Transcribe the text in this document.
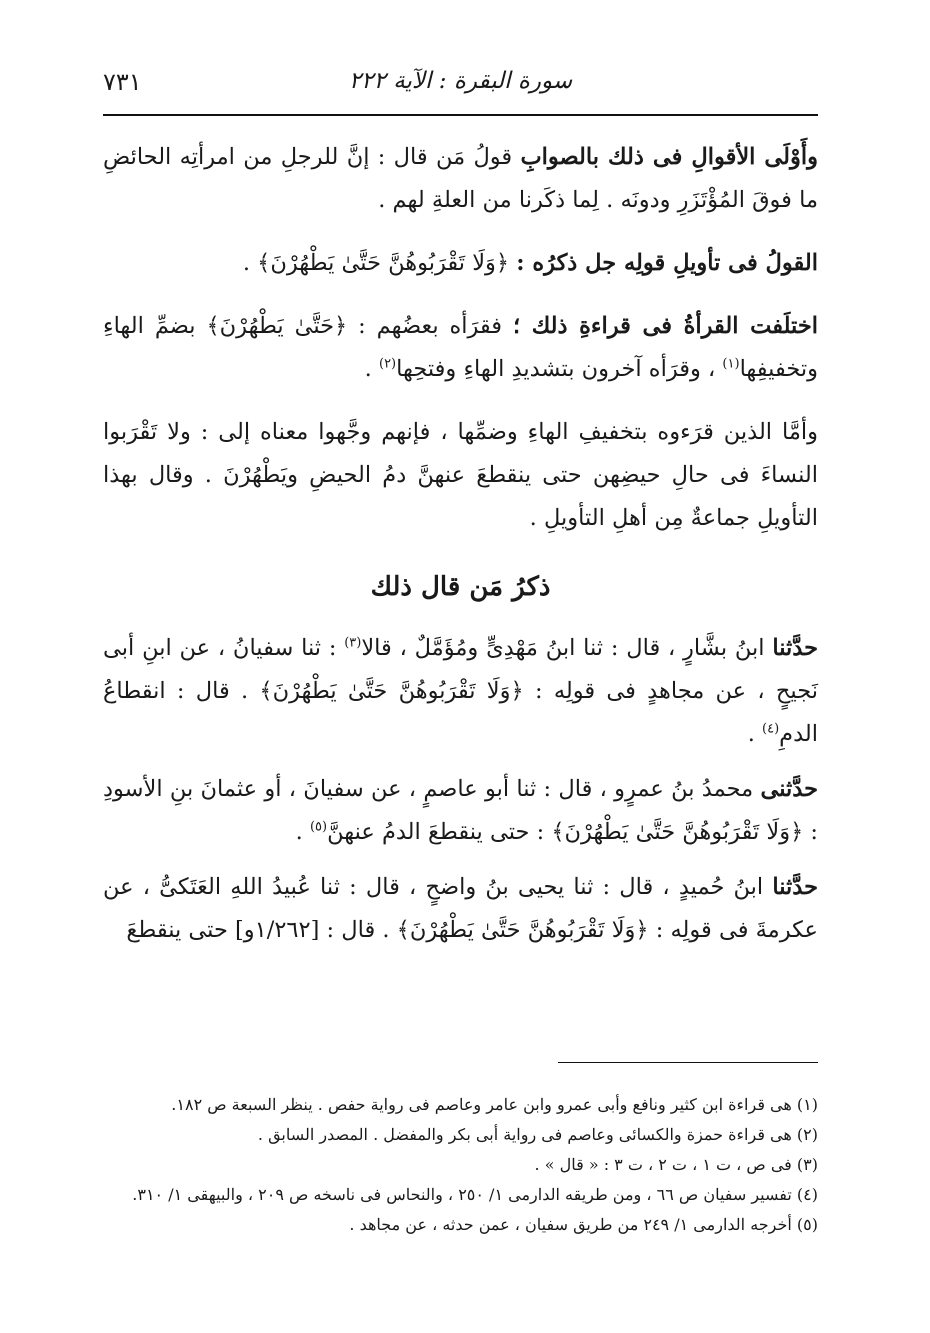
سورة البقرة : الآية ٢٢٢
٧٣١

وأَوْلَى الأقوالِ فى ذلك بالصوابِ قولُ مَن قال : إنَّ للرجلِ من امرأتِه الحائضِ ما فوقَ المُؤْتَزَرِ ودونَه . لِما ذكَرنا من العلةِ لهم .

القولُ فى تأويلِ قولِه جل ذكرُه : ﴿وَلَا تَقْرَبُوهُنَّ حَتَّىٰ يَطْهُرْنَ﴾ .

اختلَفت القرأةُ فى قراءةِ ذلك ؛ فقرَأه بعضُهم : ﴿حَتَّىٰ يَطْهُرْنَ﴾ بضمِّ الهاءِ وتخفيفِها$^{(١)}$ ، وقرَأه آخرون بتشديدِ الهاءِ وفتحِها$^{(٢)}$ .

وأمَّا الذين قرَءوه بتخفيفِ الهاءِ وضمِّها ، فإنهم وجَّهوا معناه إلى : ولا تَقْرَبوا النساءَ فى حالِ حيضِهن حتى ينقطعَ عنهنَّ دمُ الحيضِ ويَطْهُرْنَ . وقال بهذا التأويلِ جماعةٌ مِن أهلِ التأويلِ .

ذكرُ مَن قال ذلك

حدَّثنا ابنُ بشَّارٍ ، قال : ثنا ابنُ مَهْدِىٍّ ومُؤَمَّلٌ ، قالا$^{(٣)}$ : ثنا سفيانُ ، عن ابنِ أبى نَجيحٍ ، عن مجاهدٍ فى قولِه : ﴿وَلَا تَقْرَبُوهُنَّ حَتَّىٰ يَطْهُرْنَ﴾ . قال : انقطاعُ الدمِ$^{(٤)}$ .

حدَّثنى محمدُ بنُ عمرٍو ، قال : ثنا أبو عاصمٍ ، عن سفيانَ ، أو عثمانَ بنِ الأسودِ : ﴿وَلَا تَقْرَبُوهُنَّ حَتَّىٰ يَطْهُرْنَ﴾ : حتى ينقطعَ الدمُ عنهنَّ$^{(٥)}$ .

حدَّثنا ابنُ حُميدٍ ، قال : ثنا يحيى بنُ واضحٍ ، قال : ثنا عُبيدُ اللهِ العَتَكىُّ ، عن عكرمةَ فى قولِه : ﴿وَلَا تَقْرَبُوهُنَّ حَتَّىٰ يَطْهُرْنَ﴾ . قال : [١/٢٦٢و] حتى ينقطعَ

(١) هى قراءة ابن كثير ونافع وأبى عمرو وابن عامر وعاصم فى رواية حفص . ينظر السبعة ص ١٨٢.
(٢) هى قراءة حمزة والكسائى وعاصم فى رواية أبى بكر والمفضل . المصدر السابق .
(٣) فى ص ، ت ١ ، ت ٢ ، ت ٣ : « قال » .
(٤) تفسير سفيان ص ٦٦ ، ومن طريقه الدارمى ١/ ٢٥٠ ، والنحاس فى ناسخه ص ٢٠٩ ، والبيهقى ١/ ٣١٠.
(٥) أخرجه الدارمى ١/ ٢٤٩ من طريق سفيان ، عمن حدثه ، عن مجاهد .
